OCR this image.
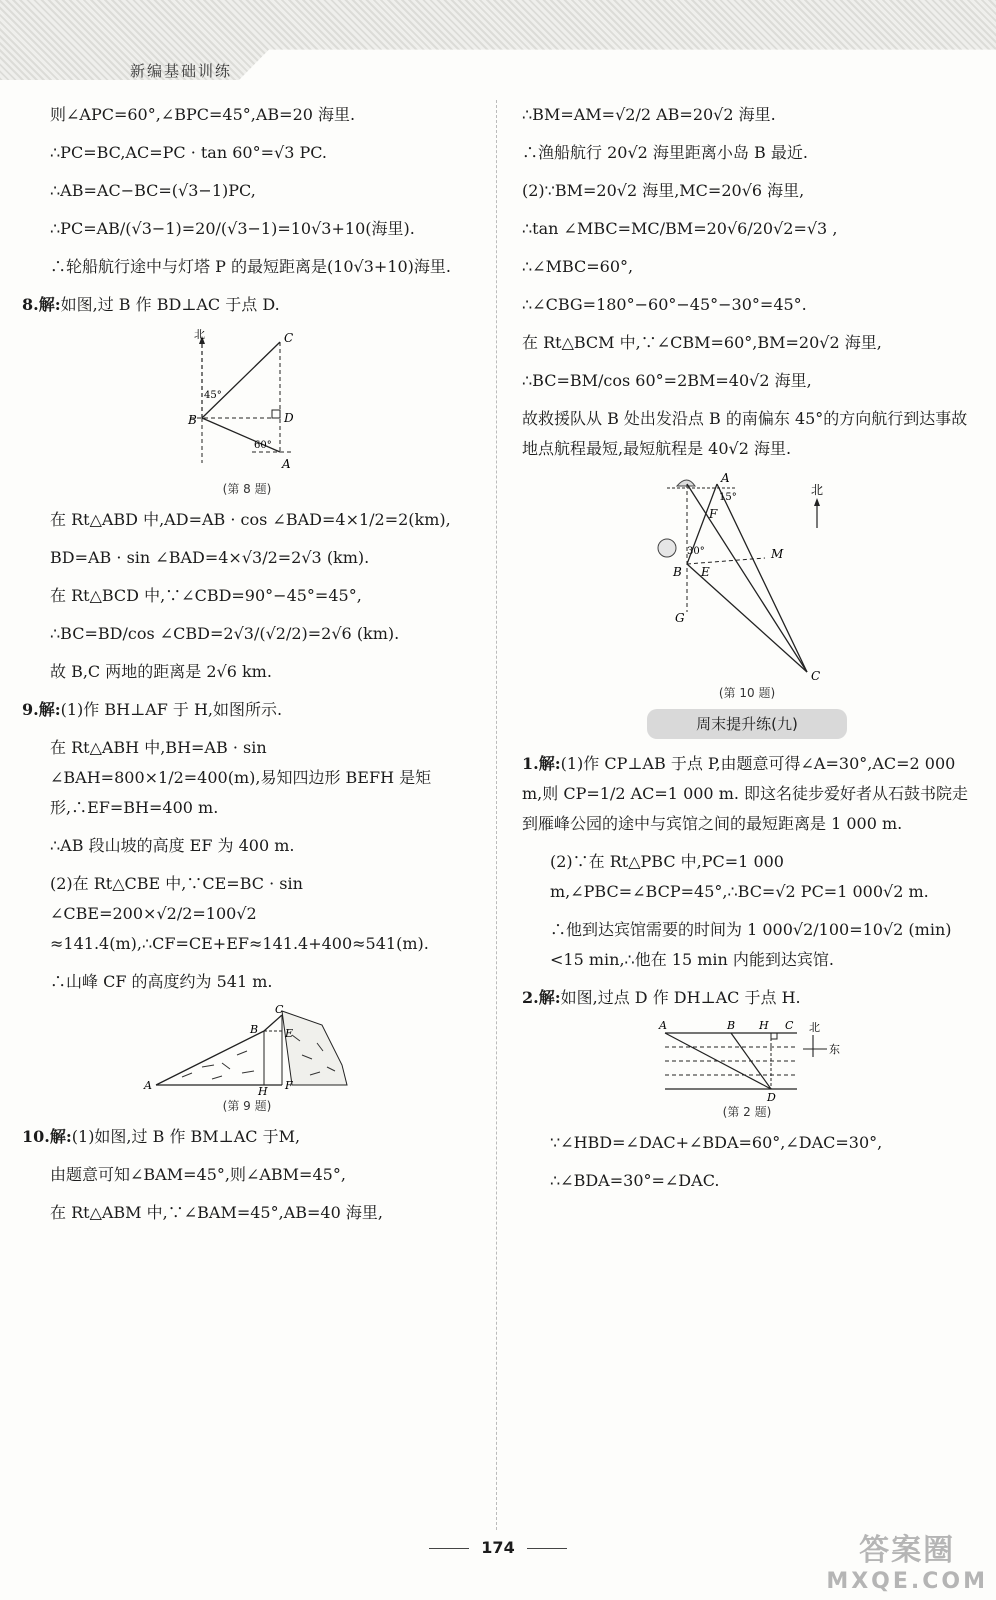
新编基础训练

则∠APC=60°,∠BPC=45°,AB=20 海里.

∴PC=BC,AC=PC · tan 60°=√3 PC.

∴AB=AC−BC=(√3−1)PC,

∴PC=AB/(√3−1)=20/(√3−1)=10√3+10(海里).

∴轮船航行途中与灯塔 P 的最短距离是(10√3+10)海里.

8.解:如图,过 B 作 BD⊥AC 于点 D.

北
45°
60°
C
D
B
A
(第 8 题)

在 Rt△ABD 中,AD=AB · cos ∠BAD=4×1/2=2(km),

BD=AB · sin ∠BAD=4×√3/2=2√3 (km).

在 Rt△BCD 中,∵∠CBD=90°−45°=45°,

∴BC=BD/cos ∠CBD=2√3/(√2/2)=2√6 (km).

故 B,C 两地的距离是 2√6 km.

9.解:(1)作 BH⊥AF 于 H,如图所示.

在 Rt△ABH 中,BH=AB · sin ∠BAH=800×1/2=400(m),易知四边形 BEFH 是矩形,∴EF=BH=400 m.

∴AB 段山坡的高度 EF 为 400 m.

(2)在 Rt△CBE 中,∵CE=BC · sin ∠CBE=200×√2/2=100√2 ≈141.4(m),∴CF=CE+EF≈141.4+400≈541(m).

∴山峰 CF 的高度约为 541 m.

A
B
C
E
H F
(第 9 题)

10.解:(1)如图,过 B 作 BM⊥AC 于M,

由题意可知∠BAM=45°,则∠ABM=45°,

在 Rt△ABM 中,∵∠BAM=45°,AB=40 海里,

∴BM=AM=√2/2 AB=20√2 海里.

∴渔船航行 20√2 海里距离小岛 B 最近.

(2)∵BM=20√2 海里,MC=20√6 海里,

∴tan ∠MBC=MC/BM=20√6/20√2=√3 ,

∴∠MBC=60°,

∴∠CBG=180°−60°−45°−30°=45°.

在 Rt△BCM 中,∵∠CBM=60°,BM=20√2 海里,

∴BC=BM/cos 60°=2BM=40√2 海里,

故救援队从 B 处出发沿点 B 的南偏东 45°的方向航行到达事故地点航程最短,最短航程是 40√2 海里.

北
15°
30°
A
F
M
B E
G
C
(第 10 题)
周末提升练(九)

1.解:(1)作 CP⊥AB 于点 P,由题意可得∠A=30°,AC=2 000 m,则 CP=1/2 AC=1 000 m. 即这名徒步爱好者从石鼓书院走到雁峰公园的途中与宾馆之间的最短距离是 1 000 m.

(2)∵在 Rt△PBC 中,PC=1 000 m,∠PBC=∠BCP=45°,∴BC=√2 PC=1 000√2 m.

∴他到达宾馆需要的时间为 1 000√2/100=10√2 (min)<15 min,∴他在 15 min 内能到达宾馆.

2.解:如图,过点 D 作 DH⊥AC 于点 H.

A	B H C
D
北
东
(第 2 题)

∵∠HBD=∠DAC+∠BDA=60°,∠DAC=30°,

∴∠BDA=30°=∠DAC.

174	答案圈
MXQE.COM
